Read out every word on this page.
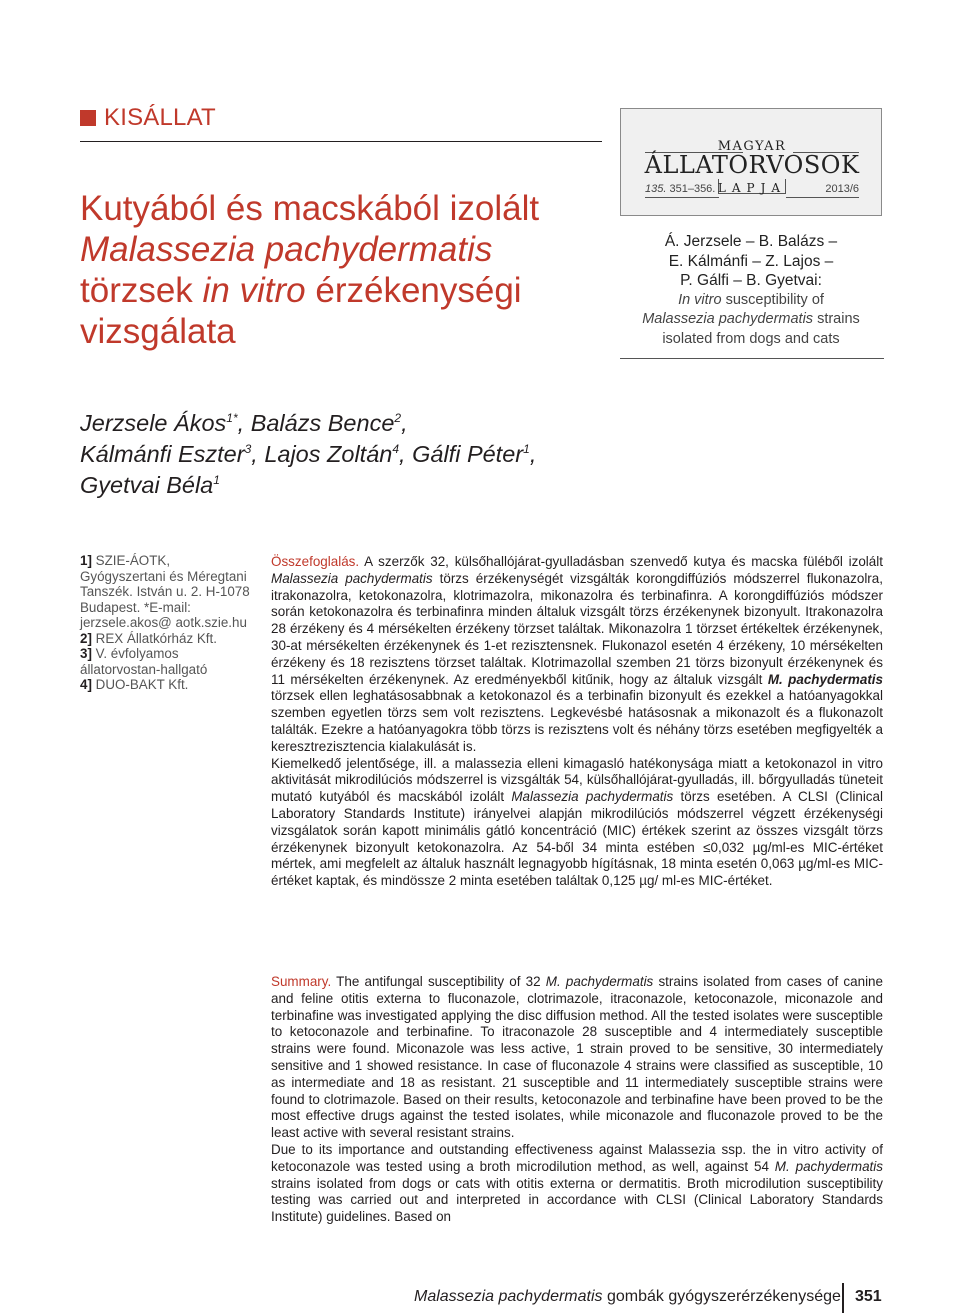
KISÁLLAT
Kutyából és macskából izolált
Malassezia pachydermatis
törzsek in vitro érzékenységi
vizsgálata
MAGYAR
ÁLLATORVOSOK
LAPJA
135. 351–356.	2013/6
Á. Jerzsele – B. Balázs –
E. Kálmánfi – Z. Lajos –
P. Gálfi – B. Gyetvai:
In vitro susceptibility of
Malassezia pachydermatis strains
isolated from dogs and cats
Jerzsele Ákos$^{1*}$, Balázs Bence$^2$,
Kálmánfi Eszter$^3$, Lajos Zoltán$^4$, Gálfi Péter$^1$,
Gyetvai Béla$^1$
1] SZIE-ÁOTK, Gyógyszertani és Méregtani Tanszék. István u. 2. H-1078 Budapest. *E-mail: jerzsele.akos@ aotk.szie.hu
2] REX Állatkórház Kft.
3] V. évfolyamos állatorvostan-hallgató
4] DUO-BAKT Kft.

Összefoglalás. A szerzők 32, külsőhallójárat-gyulladásban szenvedő kutya és macska füléből izolált Malassezia pachydermatis törzs érzékenységét vizsgálták korongdiffúziós módszerrel flukonazolra, itrakonazolra, ketokonazolra, klotrimazolra, mikonazolra és terbinafinra. A korongdiffúziós módszer során ketokonazolra és terbinafinra minden általuk vizsgált törzs érzékenynek bizonyult. Itrakonazolra 28 érzékeny és 4 mérsékelten érzékeny törzset találtak. Mikonazolra 1 törzset értékeltek érzékenynek, 30-at mérsékelten érzékenynek és 1-et rezisztensnek. Flukonazol esetén 4 érzékeny, 10 mérsékelten érzékeny és 18 rezisztens törzset találtak. Klotrimazollal szemben 21 törzs bizonyult érzékenynek és 11 mérsékelten érzékenynek. Az eredményekből kitűnik, hogy az általuk vizsgált M. pachydermatis törzsek ellen leghatásosabbnak a ketokonazol és a terbinafin bizonyult és ezekkel a hatóanyagokkal szemben egyetlen törzs sem volt rezisztens. Legkevésbé hatásosnak a mikonazolt és a flukonazolt találták. Ezekre a hatóanyagokra több törzs is rezisztens volt és néhány törzs esetében megfigyelték a keresztrezisztencia kialakulását is.

Kiemelkedő jelentősége, ill. a malassezia elleni kimagasló hatékonysága miatt a ketokonazol in vitro aktivitását mikrodilúciós módszerrel is vizsgálták 54, külsőhallójárat-gyulladás, ill. bőrgyulladás tüneteit mutató kutyából és macskából izolált Malassezia pachydermatis törzs esetében. A CLSI (Clinical Laboratory Standards Institute) irányelvei alapján mikrodilúciós módszerrel végzett érzékenységi vizsgálatok során kapott minimális gátló koncentráció (MIC) értékek szerint az összes vizsgált törzs érzékenynek bizonyult ketokonazolra. Az 54-ből 34 minta estében ≤0,032 µg/ml-es MIC-értéket mértek, ami megfelelt az általuk használt legnagyobb hígításnak, 18 minta esetén 0,063 µg/ml-es MIC-értéket kaptak, és mindössze 2 minta esetében találtak 0,125 µg/ ml-es MIC-értéket.

Summary. The antifungal susceptibility of 32 M. pachydermatis strains isolated from cases of canine and feline otitis externa to fluconazole, clotrimazole, itraconazole, ketoconazole, miconazole and terbinafine was investigated applying the disc diffusion method. All the tested isolates were susceptible to ketoconazole and terbinafine. To itraconazole 28 susceptible and 4 intermediately susceptible strains were found. Miconazole was less active, 1 strain proved to be sensitive, 30 intermediately sensitive and 1 showed resistance. In case of fluconazole 4 strains were classified as susceptible, 10 as intermediate and 18 as resistant. 21 susceptible and 11 intermediately susceptible strains were found to clotrimazole. Based on their results, ketoconazole and terbinafine have been proved to be the most effective drugs against the tested isolates, while miconazole and fluconazole proved to be the least active with several resistant strains.

Due to its importance and outstanding effectiveness against Malassezia ssp. the in vitro activity of ketoconazole was tested using a broth microdilution method, as well, against 54 M. pachydermatis strains isolated from dogs or cats with otitis externa or dermatitis. Broth microdilution susceptibility testing was carried out and interpreted in accordance with CLSI (Clinical Laboratory Standards Institute) guidelines. Based on

Malassezia pachydermatis gombák gyógyszerérzékenysége 351
